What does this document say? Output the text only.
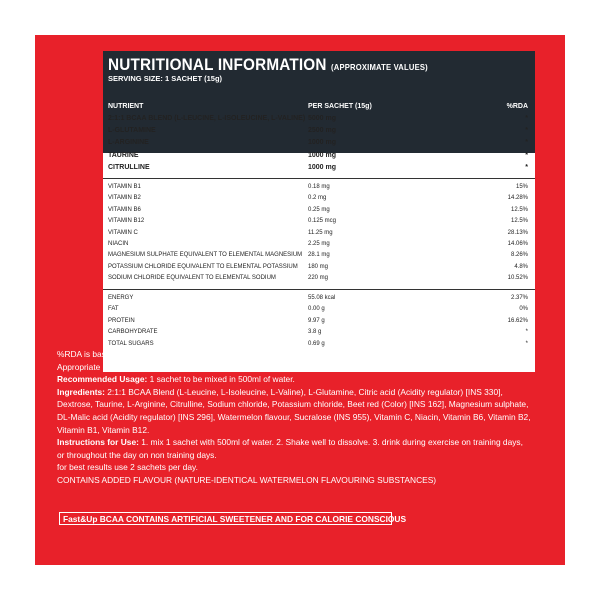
NUTRITIONAL INFORMATION (APPROXIMATE VALUES)
SERVING SIZE: 1 SACHET (15g)
NUTRIENT	PER SACHET (15g)	%RDA
2:1:1 BCAA BLEND (L-LEUCINE, L-ISOLEUCINE, L-VALINE) 5000 mg	*
L-GLUTAMINE	2500 mg	*
L-ARGININE	1000 mg	*
TAURINE	1000 mg	*
CITRULLINE	1000 mg	*
VITAMIN B1	0.18 mg	15%
VITAMIN B2	0.2 mg	14.28%
VITAMIN B6	0.25 mg	12.5%
VITAMIN B12	0.125 mcg	12.5%
VITAMIN C	11.25 mg	28.13%
NIACIN	2.25 mg	14.06%
MAGNESIUM SULPHATE EQUIVALENT TO ELEMENTAL MAGNESIUM 28.1 mg	8.26%
POTASSIUM CHLORIDE EQUIVALENT TO ELEMENTAL POTASSIUM 180 mg	4.8%
SODIUM CHLORIDE EQUIVALENT TO ELEMENTAL SODIUM	220 mg	10.52%
ENERGY	55.08 kcal	2.37%
FAT	0.00 g	0%
PROTEIN	9.97 g	16.62%
CARBOHYDRATE	3.8 g	*
TOTAL SUGARS	0.69 g	*
%RDA is based on man sedentary work as per ICMR	*Recommended Daily Allowance (RDA) value not established.

Appropriate overages of vitamins and minerals added.

Recommended Usage: 1 sachet to be mixed in 500ml of water.

Ingredients: 2:1:1 BCAA Blend (L-Leucine, L-Isoleucine, L-Valine), L-Glutamine, Citric acid (Acidity regulator) [INS 330], Dextrose, Taurine, L-Arginine, Citrulline, Sodium chloride, Potassium chloride, Beet red (Color) [INS 162], Magnesium sulphate, DL-Malic acid (Acidity regulator) [INS 296], Watermelon flavour, Sucralose (INS 955), Vitamin C, Niacin, Vitamin B6, Vitamin B2, Vitamin B1, Vitamin B12.

Instructions for Use: 1. mix 1 sachet with 500ml of water. 2. Shake well to dissolve. 3. drink during exercise on training days,

or throughout the day on non training days.

for best results use 2 sachets per day.

CONTAINS ADDED FLAVOUR (NATURE-IDENTICAL WATERMELON FLAVOURING SUBSTANCES)

Fast&Up BCAA CONTAINS ARTIFICIAL SWEETENER AND FOR CALORIE CONSCIOUS
